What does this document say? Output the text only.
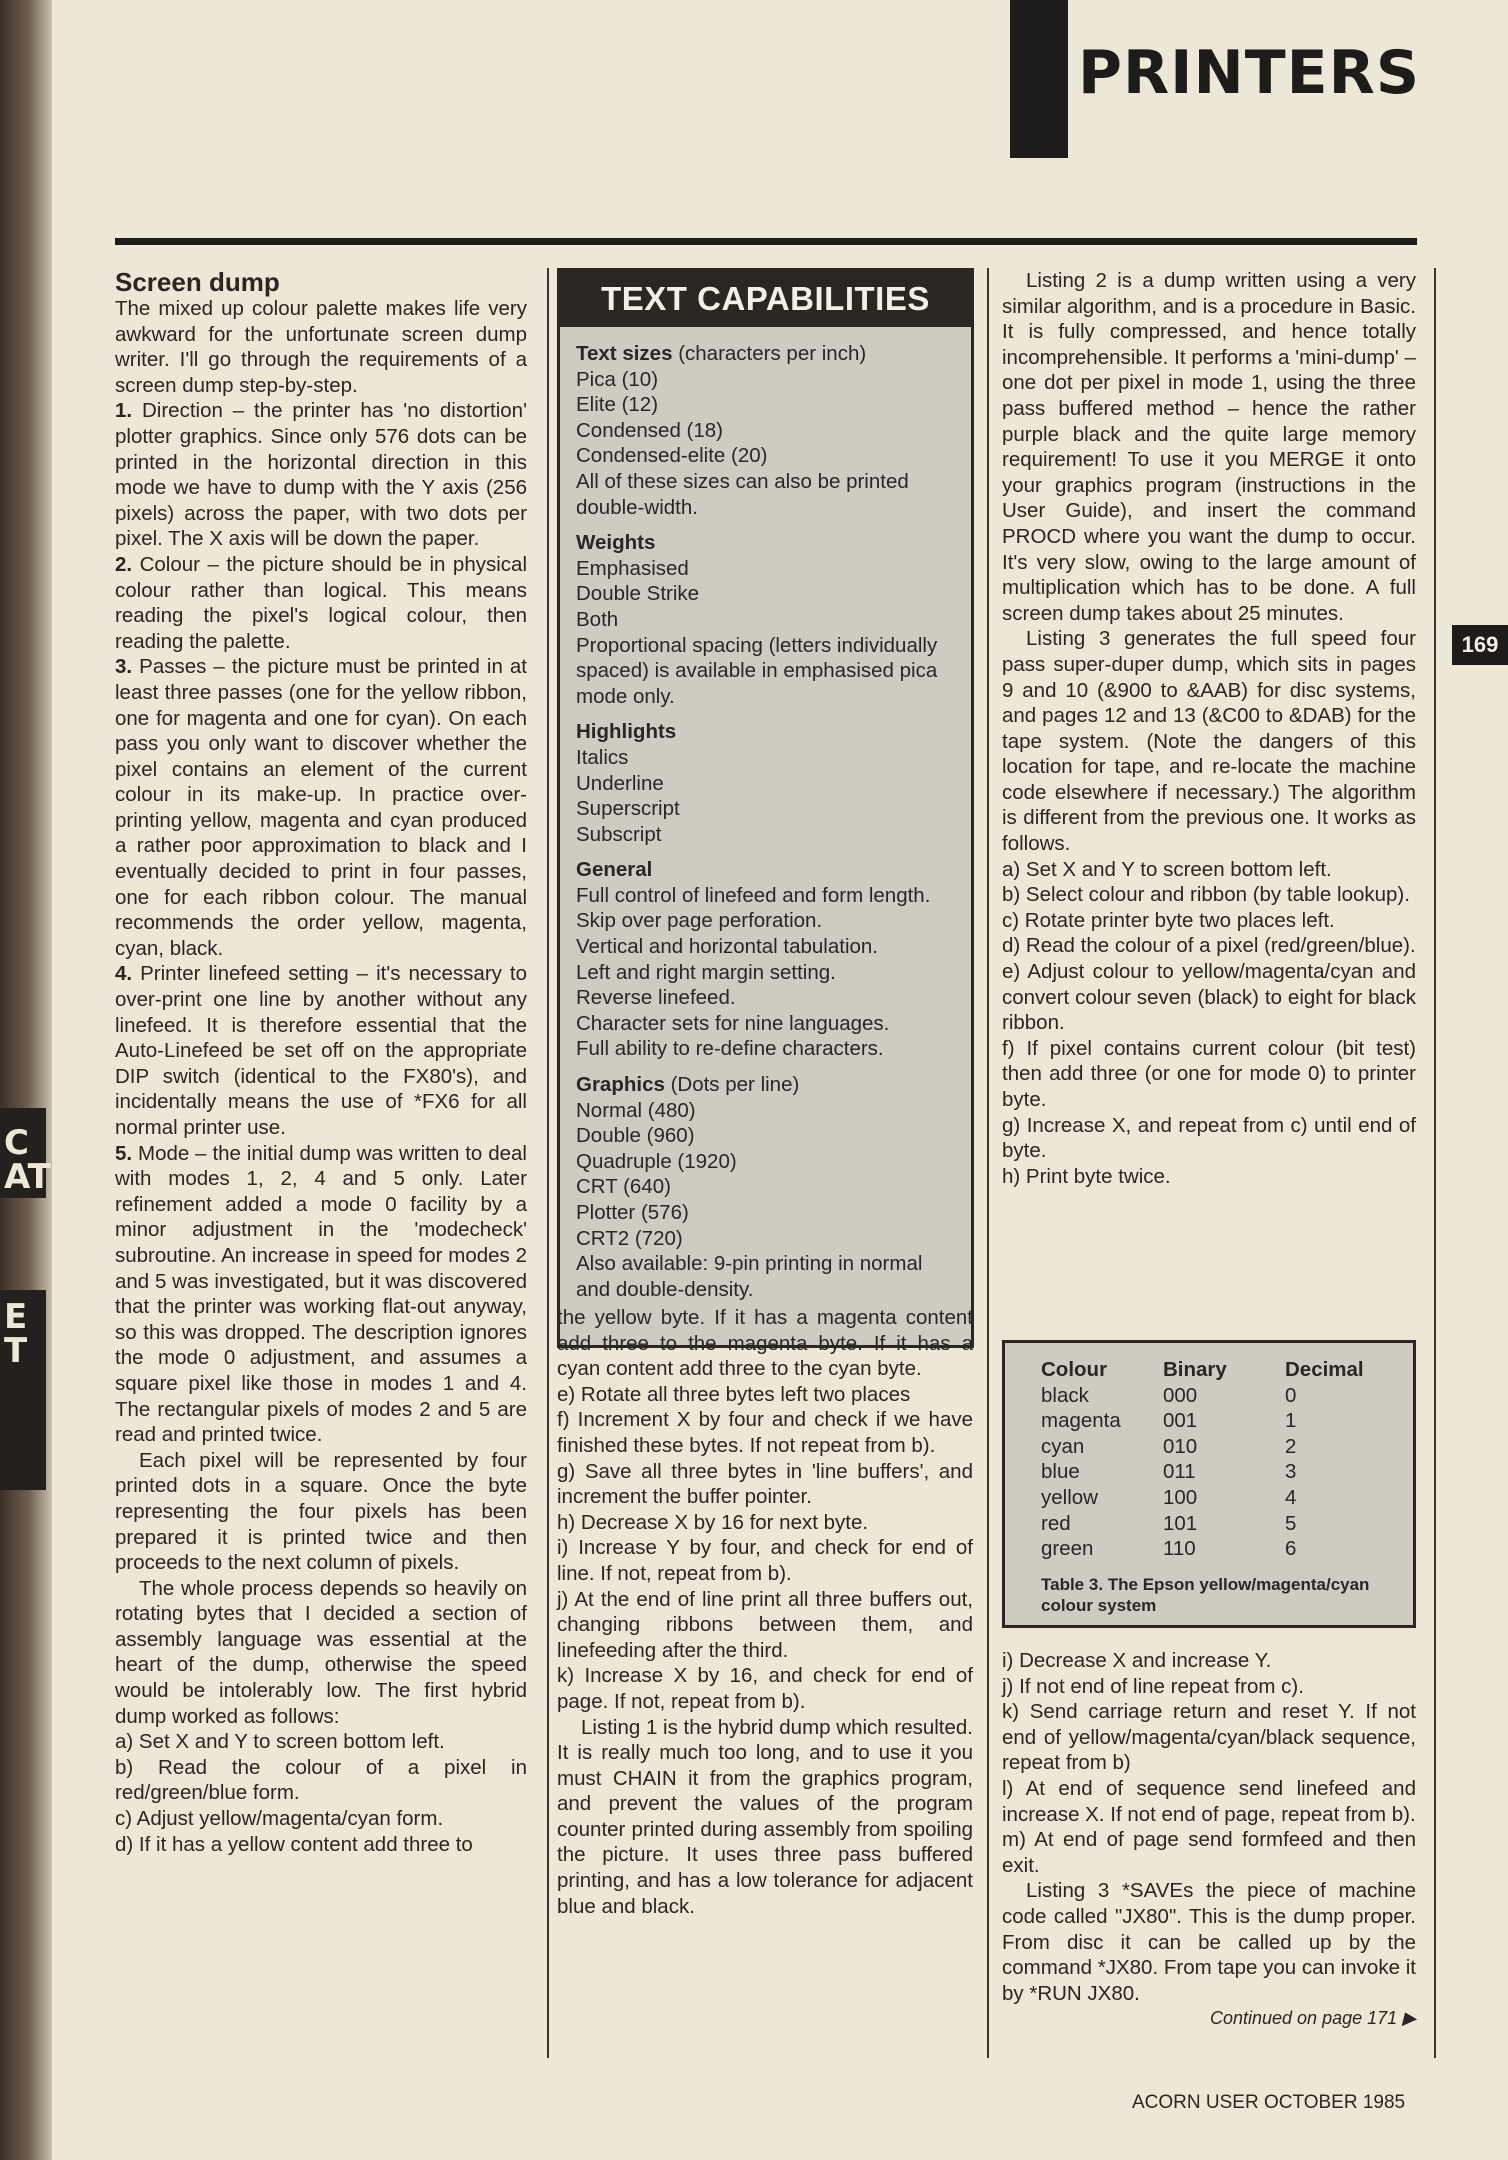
C
AT
E
T
PRINTERS
169

Screen dump

The mixed up colour palette makes life very awkward for the unfortunate screen dump writer. I'll go through the requirements of a screen dump step-by-step.

1. Direction – the printer has 'no distortion' plotter graphics. Since only 576 dots can be printed in the horizontal direction in this mode we have to dump with the Y axis (256 pixels) across the paper, with two dots per pixel. The X axis will be down the paper.

2. Colour – the picture should be in physical colour rather than logical. This means reading the pixel's logical colour, then reading the palette.

3. Passes – the picture must be printed in at least three passes (one for the yellow ribbon, one for magenta and one for cyan). On each pass you only want to discover whether the pixel contains an element of the current colour in its make-up. In practice over-printing yellow, magenta and cyan produced a rather poor approximation to black and I eventually decided to print in four passes, one for each ribbon colour. The manual recommends the order yellow, magenta, cyan, black.

4. Printer linefeed setting – it's necessary to over-print one line by another without any linefeed. It is therefore essential that the Auto-Linefeed be set off on the appropriate DIP switch (identical to the FX80's), and incidentally means the use of *FX6 for all normal printer use.

5. Mode – the initial dump was written to deal with modes 1, 2, 4 and 5 only. Later refinement added a mode 0 facility by a minor adjustment in the 'modecheck' subroutine. An increase in speed for modes 2 and 5 was investigated, but it was discovered that the printer was working flat-out anyway, so this was dropped. The description ignores the mode 0 adjustment, and assumes a square pixel like those in modes 1 and 4. The rectangular pixels of modes 2 and 5 are read and printed twice.

Each pixel will be represented by four printed dots in a square. Once the byte representing the four pixels has been prepared it is printed twice and then proceeds to the next column of pixels.

The whole process depends so heavily on rotating bytes that I decided a section of assembly language was essential at the heart of the dump, otherwise the speed would be intolerably low. The first hybrid dump worked as follows:

a) Set X and Y to screen bottom left.

b) Read the colour of a pixel in red/green/blue form.

c) Adjust yellow/magenta/cyan form.

d) If it has a yellow content add three to

TEXT CAPABILITIES
Text sizes (characters per inch)
Pica (10)
Elite (12)
Condensed (18)
Condensed-elite (20)
All of these sizes can also be printed double-width.
Weights
Emphasised
Double Strike
Both
Proportional spacing (letters individually spaced) is available in emphasised pica mode only.
Highlights
Italics
Underline
Superscript
Subscript
General
Full control of linefeed and form length.
Skip over page perforation.
Vertical and horizontal tabulation.
Left and right margin setting.
Reverse linefeed.
Character sets for nine languages.
Full ability to re-define characters.
Graphics (Dots per line)
Normal (480)
Double (960)
Quadruple (1920)
CRT (640)
Plotter (576)
CRT2 (720)
Also available: 9-pin printing in normal and double-density.

the yellow byte. If it has a magenta content add three to the magenta byte. If it has a cyan content add three to the cyan byte.

e) Rotate all three bytes left two places

f) Increment X by four and check if we have finished these bytes. If not repeat from b).

g) Save all three bytes in 'line buffers', and increment the buffer pointer.

h) Decrease X by 16 for next byte.

i) Increase Y by four, and check for end of line. If not, repeat from b).

j) At the end of line print all three buffers out, changing ribbons between them, and linefeeding after the third.

k) Increase X by 16, and check for end of page. If not, repeat from b).

Listing 1 is the hybrid dump which resulted. It is really much too long, and to use it you must CHAIN it from the graphics program, and prevent the values of the program counter printed during assembly from spoiling the picture. It uses three pass buffered printing, and has a low tolerance for adjacent blue and black.

Listing 2 is a dump written using a very similar algorithm, and is a procedure in Basic. It is fully compressed, and hence totally incomprehensible. It performs a 'mini-dump' – one dot per pixel in mode 1, using the three pass buffered method – hence the rather purple black and the quite large memory requirement! To use it you MERGE it onto your graphics program (instructions in the User Guide), and insert the command PROCD where you want the dump to occur. It's very slow, owing to the large amount of multiplication which has to be done. A full screen dump takes about 25 minutes.

Listing 3 generates the full speed four pass super-duper dump, which sits in pages 9 and 10 (&900 to &AAB) for disc systems, and pages 12 and 13 (&C00 to &DAB) for the tape system. (Note the dangers of this location for tape, and re-locate the machine code elsewhere if necessary.) The algorithm is different from the previous one. It works as follows.

a) Set X and Y to screen bottom left.

b) Select colour and ribbon (by table lookup).

c) Rotate printer byte two places left.

d) Read the colour of a pixel (red/green/blue).

e) Adjust colour to yellow/magenta/cyan and convert colour seven (black) to eight for black ribbon.

f) If pixel contains current colour (bit test) then add three (or one for mode 0) to printer byte.

g) Increase X, and repeat from c) until end of byte.

h) Print byte twice.

Colour	Binary	Decimal
black	000	0
magenta	001	1
cyan	010	2
blue	011	3
yellow	100	4
red	101	5
green	110	6
Table 3. The Epson yellow/magenta/cyan colour system

i) Decrease X and increase Y.

j) If not end of line repeat from c).

k) Send carriage return and reset Y. If not end of yellow/magenta/cyan/black sequence, repeat from b)

l) At end of sequence send linefeed and increase X. If not end of page, repeat from b).

m) At end of page send formfeed and then exit.

Listing 3 *SAVEs the piece of machine code called "JX80". This is the dump proper. From disc it can be called up by the command *JX80. From tape you can invoke it by *RUN JX80.

Continued on page 171 ▶

ACORN USER OCTOBER 1985
